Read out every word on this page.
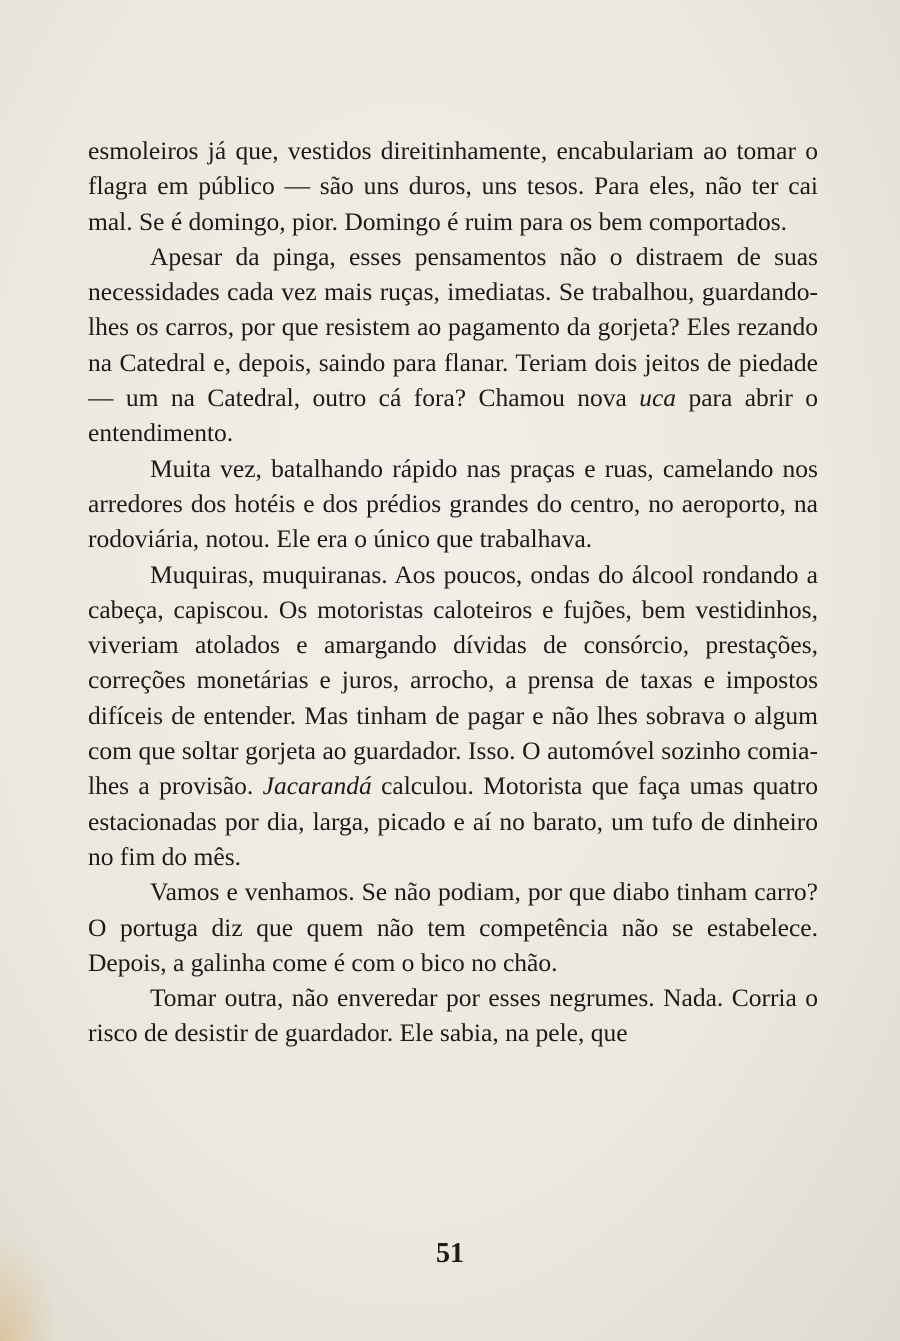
esmoleiros já que, vestidos direitinhamente, encabulariam ao tomar o flagra em público — são uns duros, uns tesos. Para eles, não ter cai mal. Se é domingo, pior. Domingo é ruim para os bem comportados.

Apesar da pinga, esses pensamentos não o distraem de suas necessidades cada vez mais ruças, imediatas. Se trabalhou, guardando-lhes os carros, por que resistem ao pagamento da gorjeta? Eles rezando na Catedral e, depois, saindo para flanar. Teriam dois jeitos de piedade — um na Catedral, outro cá fora? Chamou nova uca para abrir o entendimento.

Muita vez, batalhando rápido nas praças e ruas, camelando nos arredores dos hotéis e dos prédios grandes do centro, no aeroporto, na rodoviária, notou. Ele era o único que trabalhava.

Muquiras, muquiranas. Aos poucos, ondas do álcool rondando a cabeça, capiscou. Os motoristas caloteiros e fujões, bem vestidinhos, viveriam atolados e amargando dívidas de consórcio, prestações, correções monetárias e juros, arrocho, a prensa de taxas e impostos difíceis de entender. Mas tinham de pagar e não lhes sobrava o algum com que soltar gorjeta ao guardador. Isso. O automóvel sozinho comia-lhes a provisão. Jacarandá calculou. Motorista que faça umas quatro estacionadas por dia, larga, picado e aí no barato, um tufo de dinheiro no fim do mês.

Vamos e venhamos. Se não podiam, por que diabo tinham carro? O portuga diz que quem não tem competência não se estabelece. Depois, a galinha come é com o bico no chão.

Tomar outra, não enveredar por esses negrumes. Nada. Corria o risco de desistir de guardador. Ele sabia, na pele, que

51
